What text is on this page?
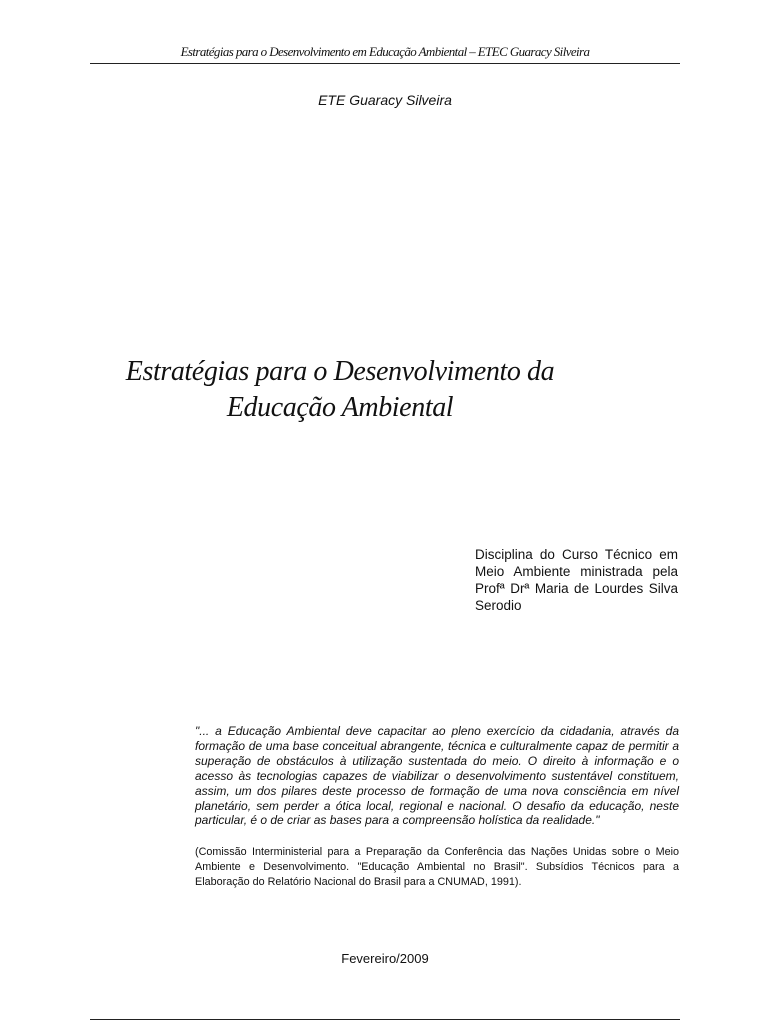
Estratégias para o Desenvolvimento em Educação Ambiental – ETEC Guaracy Silveira
ETE Guaracy Silveira
Estratégias para o Desenvolvimento da
Educação Ambiental
Disciplina do Curso Técnico em Meio Ambiente ministrada pela Profª Drª Maria de Lourdes Silva Serodio
"... a Educação Ambiental deve capacitar ao pleno exercício da cidadania, através da formação de uma base conceitual abrangente, técnica e culturalmente capaz de permitir a superação de obstáculos à utilização sustentada do meio. O direito à informação e o acesso às tecnologias capazes de viabilizar o desenvolvimento sustentável constituem, assim, um dos pilares deste processo de formação de uma nova consciência em nível planetário, sem perder a ótica local, regional e nacional. O desafio da educação, neste particular, é o de criar as bases para a compreensão holística da realidade."
(Comissão Interministerial para a Preparação da Conferência das Nações Unidas sobre o Meio Ambiente e Desenvolvimento. "Educação Ambiental no Brasil". Subsídios Técnicos para a Elaboração do Relatório Nacional do Brasil para a CNUMAD, 1991).
Fevereiro/2009
